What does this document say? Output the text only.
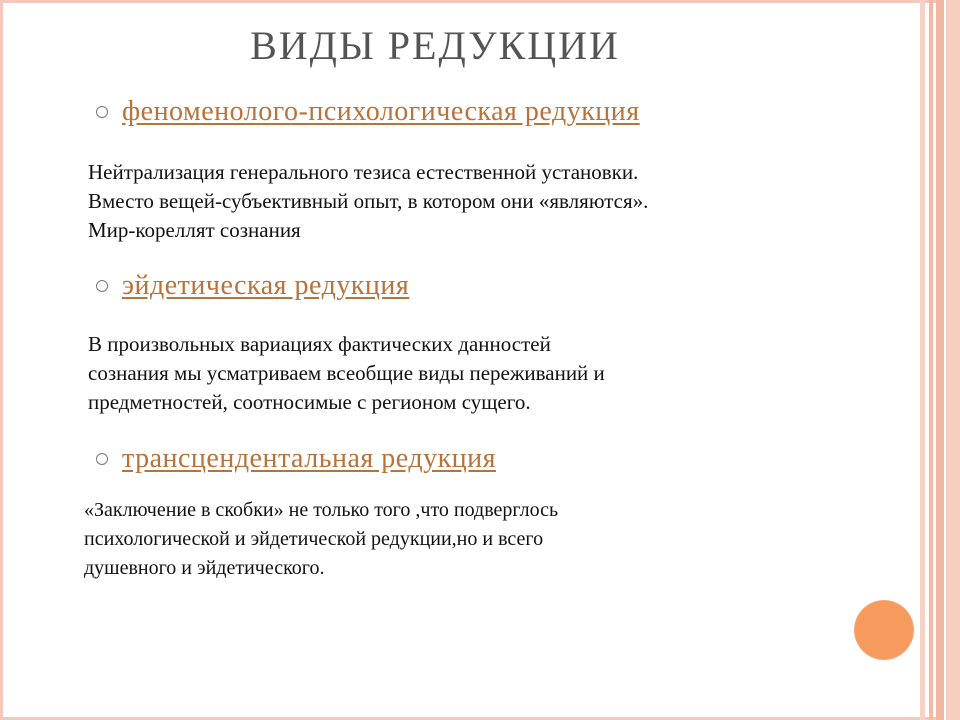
ВИДЫ РЕДУКЦИИ
феноменолого-психологическая редукция
Нейтрализация генерального тезиса естественной установки.
Вместо вещей-субъективный опыт, в котором они «являются».
Мир-кореллят сознания
эйдетическая редукция
В произвольных вариациях фактических данностей
сознания мы усматриваем всеобщие виды переживаний и
предметностей, соотносимые с регионом сущего.
трансцендентальная редукция
«Заключение в скобки» не только того ,что подверглось
психологической и эйдетической редукции,но и всего
душевного и эйдетического.
